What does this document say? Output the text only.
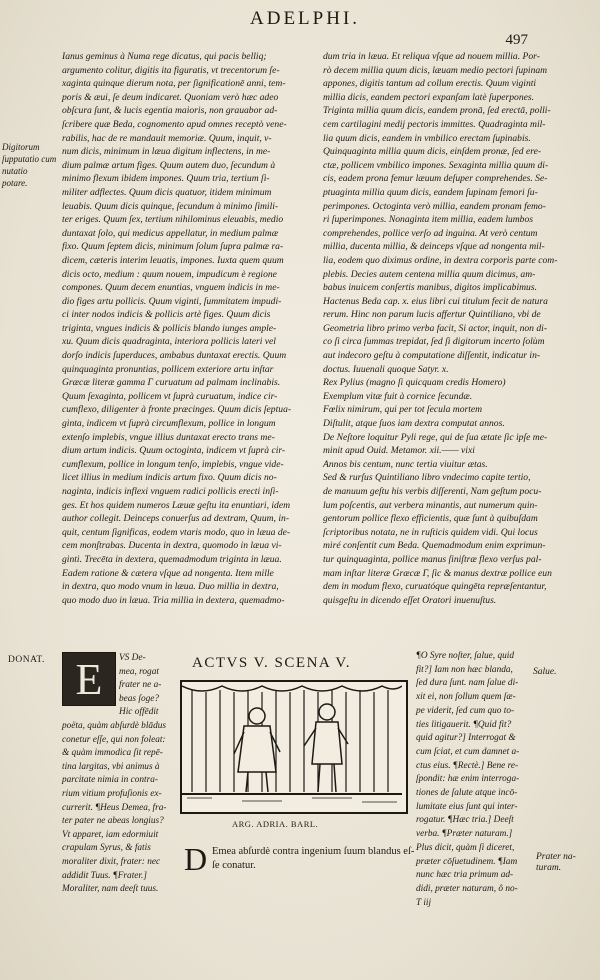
ADELPHI.
497

Digitorum

ſupputatio cum

nutatio

potare.

Ianus geminus à Numa rege dicatus, qui pacis belliq;

argumento colitur, digitis ita figuratis, vt trecentorum ſe-

xaginta quinque dierum nota, per ſignificationē anni, tem-

poris & æui, ſe deum indicaret. Quoniam verò hæc adeo

obſcura ſunt, & lucis egentia maioris, non grauabor ad-

ſcribere quæ Beda, cognomento apud omnes receptò vene-

rabilis, hac de re mandauit memoriæ. Quum, inquit, v-

num dicis, minimum in læua digitum inflectens, in me-

dium palmæ artum figes. Quum autem duo, ſecundum à

minimo flexum ibidem impones. Quum tria, tertium ſi-

militer adflectes. Quum dicis quatuor, itidem minimum

leuabis. Quum dicis quinque, ſecundum à minimo ſimili-

ter eriges. Quum ſex, tertium nihilominus eleuabis, medio

duntaxat ſolo, qui medicus appellatur, in medium palmæ

fixo. Quum ſeptem dicis, minimum ſolum ſupra palmæ ra-

dicem, cæteris interim leuatis, impones. Iuxta quem quum

dicis octo, medium : quum nouem, impudicum è regione

compones. Quum decem enuntias, vnguem indicis in me-

dio figes artu pollicis. Quum viginti, ſummitatem impudi-

ci inter nodos indicis & pollicis artè figes. Quum dicis

triginta, vngues indicis & pollicis blando iunges ample-

xu. Quum dicis quadraginta, interiora pollicis lateri vel

dorſo indicis ſuperduces, ambabus duntaxat erectis. Quum

quinquaginta pronuntias, pollicem exteriore artu inſtar

Græcæ literæ gamma Γ curuatum ad palmam inclinabis.

Quum ſexaginta, pollicem vt ſuprà curuatum, indice cir-

cumflexo, diligenter à fronte præcinges. Quum dicis ſeptua-

ginta, indicem vt ſuprà circumflexum, pollice in longum

extenſo implebis, vngue illius duntaxat erecto trans me-

dium artum indicis. Quum octoginta, indicem vt ſuprà cir-

cumflexum, pollice in longum tenſo, implebis, vngue vide-

licet illius in medium indicis artum fixo. Quum dicis no-

naginta, indicis inflexi vnguem radici pollicis erecti inſi-

ges. Et hos quidem numeros Læuæ geſtu ita enuntiari, idem

author collegit. Deinceps conuerſus ad dextram, Quum, in-

quit, centum ſignificas, eodem vtaris modo, quo in læua de-

cem monſtrabas. Ducenta in dextra, quomodo in læua vi-

ginti. Trecēta in dextera, quemadmodum triginta in læua.

Eadem ratione & cætera vſque ad nongenta. Item mille

in dextra, quo modo vnum in læua. Duo millia in dextra,

quo modo duo in læua. Tria millia in dextera, quemadmo-

dum tria in læua. Et reliqua vſque ad nouem millia. Por-

rò decem millia quum dicis, læuam medio pectori ſupinam

appones, digitis tantum ad collum erectis. Quum viginti

millia dicis, eandem pectori expanſam latè ſuperpones.

Triginta millia quum dicis, eandem pronā, ſed erectā, polli-

cem cartilagini medij pectoris immittes. Quadraginta mil-

lia quum dicis, eandem in vmbilico erectam ſupinabis.

Quinquaginta millia quum dicis, einſdem pronæ, ſed ere-

ctæ, pollicem vmbilico impones. Sexaginta millia quum di-

cis, eadem prona femur læuum deſuper comprehendes. Se-

ptuaginta millia quum dicis, eandem ſupinam femori ſu-

perimpones. Octoginta verò millia, eandem pronam femo-

ri ſuperimpones. Nonaginta item millia, eadem lumbos

comprehendes, pollice verſo ad inguina. At verò centum

millia, ducenta millia, & deinceps vſque ad nongenta mil-

lia, eodem quo diximus ordine, in dextra corporis parte com-

plebis. Decies autem centena millia quum dicimus, am-

babus inuicem conſertis manibus, digitos implicabimus.

Hactenus Beda cap. x. eius libri cui titulum fecit de natura

rerum. Hinc non parum lucis affertur Quintiliano, vbi de

Geometria libro primo verba facit, Si actor, inquit, non di-

co ſi circa ſummas trepidat, ſed ſi digitorum incerto ſolùm

aut indecoro geſtu à computatione diſſentit, indicatur in-

doctus. Iuuenali quoque Satyr. x.

Rex Pylius (magno ſi quicquam credis Homero)

Exemplum vitæ fuit à cornice ſecundæ.

Fœlix nimirum, qui per tot ſecula mortem

Diſtulit, atque ſuos iam dextra computat annos.

De Neſtore loquitur Pyli rege, qui de ſua ætate ſic ipſe me-

minit apud Ouid. Metamor. xii.—— vixi

Annos bis centum, nunc tertia viuitur ætas.

Sed & rurſus Quintiliano libro vndecimo capite tertio,

de manuum geſtu his verbis diſſerenti, Nam geſtum pocu-

lum poſcentis, aut verbera minantis, aut numerum quin-

gentorum pollice flexo efficientis, quæ ſunt à quibuſdam

ſcriptoribus notata, ne in ruſticis quidem vidi. Qui locus

miré conſentit cum Beda. Quemadmodum enim exprimun-

tur quinquaginta, pollice manus ſiniſtræ flexo verſus pal-

mam inſtar literæ Græcæ Γ, ſic & manus dextræ pollice eun

dem in modum flexo, curuatóque quingēta repræſentantur,

quisgeſtu in dicendo eſſet Oratori inuenuſtus.

DONAT.	VS De-

mea, rogat

frater ne a-

beas ſoge?

Hic offēdit

poëta, quàm abſurdè blādus

conetur eſſe, qui non foleat:

& quàm immodica ſit repē-

tina largitas, vbi animus à

parcitate nimia in contra-

rium vitium profuſionis ex-

currerit. ¶Heus Demea, fra-

ter pater ne abeas longius?

Vt apparet, iam edormiuit

crapulam Syrus, & fatis

moraliter dixit, frater: nec

addidit Tuus. ¶Frater.]

Moraliter, nam deeſt tuus.

E	ACTVS V. SCENA V.
ARG. ADRIA. BARL.
D Emea abſurdè contra ingenium ſuum blandus eſ-

ſe conatur.

¶O Syre noſter, ſalue, quid

fit?] Iam non hæc blanda,

ſed dura ſunt. nam ſalue di-

xit ei, non ſollum quem ſæ-

pe viderit, ſed cum quo to-

ties litigauerit. ¶Quid fit?

quid agitur?] Interrogat &

cum ſciat, et cum damnet a-

ctus eius. ¶Rectè.] Bene re-

ſpondit: hæ enim interroga-

tiones de ſalute atque incō-

lumitate eius ſunt qui inter-

rogatur. ¶Hæc tria.] Deeſt

verba. ¶Præter naturam.]

Plus dicit, quàm ſi diceret,

præter cōſuetudinem. ¶Iam

nunc hæc tria primum ad-

didi, præter naturam, ô no-

T iij

Salue.
Prater na-
turam.
